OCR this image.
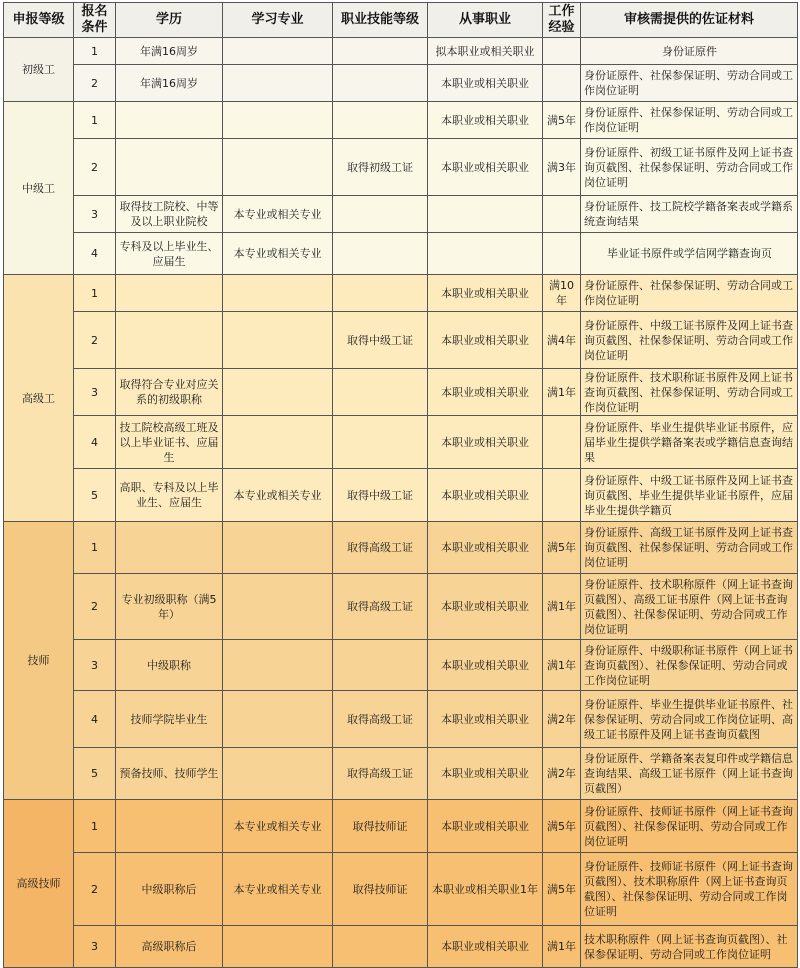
申报等级	报名条件	学历	学习专业	职业技能等级	从事职业	工作经验	审核需提供的佐证材料
初级工	1	年满16周岁			拟本职业或相关职业		身份证原件
	2	年满16周岁			本职业或相关职业		身份证原件、社保参保证明、劳动合同或工作岗位证明
中级工	1				本职业或相关职业	满5年	身份证原件、社保参保证明、劳动合同或工作岗位证明
	2			取得初级工证	本职业或相关职业	满3年	身份证原件、初级工证书原件及网上证书查询页截图、社保参保证明、劳动合同或工作岗位证明
	3	取得技工院校、中等及以上职业院校	本专业或相关专业				身份证原件、技工院校学籍备案表或学籍系统查询结果
	4	专科及以上毕业生、应届生	本专业或相关专业				毕业证书原件或学信网学籍查询页
高级工	1				本职业或相关职业	满10年	身份证原件、社保参保证明、劳动合同或工作岗位证明
	2			取得中级工证	本职业或相关职业	满4年	身份证原件、中级工证书原件及网上证书查询页截图、社保参保证明、劳动合同或工作岗位证明
	3	取得符合专业对应关系的初级职称			本职业或相关职业	满1年	身份证原件、技术职称证书原件及网上证书查询页截图、社保参保证明、劳动合同或工作岗位证明
	4	技工院校高级工班及以上毕业证书、应届生			本职业或相关职业		身份证原件、毕业生提供毕业证书原件，应届毕业生提供学籍备案表或学籍信息查询结果
	5	高职、专科及以上毕业生、应届生	本专业或相关专业	取得中级工证	本职业或相关职业		身份证原件、中级工证书原件及网上证书查询页截图、毕业生提供毕业证书原件，应届毕业生提供学籍页
技师	1			取得高级工证	本职业或相关职业	满5年	身份证原件、高级工证书原件及网上证书查询页截图、社保参保证明、劳动合同或工作岗位证明
	2	专业初级职称（满5年）		取得高级工证	本职业或相关职业	满1年	身份证原件、技术职称原件（网上证书查询页截图）、高级工证书原件（网上证书查询页截图）、社保参保证明、劳动合同或工作岗位证明
	3	中级职称			本职业或相关职业	满1年	身份证原件、中级职称证书原件（网上证书查询页截图）、社保参保证明、劳动合同或工作岗位证明
	4	技师学院毕业生		取得高级工证	本职业或相关职业	满2年	身份证原件、毕业生提供毕业证书原件、社保参保证明、劳动合同或工作岗位证明、高级工证书原件及网上证书查询页截图
	5	预备技师、技师学生		取得高级工证	本职业或相关职业	满2年	身份证原件、学籍备案表复印件或学籍信息查询结果、高级工证书原件（网上证书查询页截图）
高级技师	1		本专业或相关专业	取得技师证	本职业或相关职业	满5年	身份证原件、技师证书原件（网上证书查询页截图）、社保参保证明、劳动合同或工作岗位证明
	2	中级职称后	本专业或相关专业	取得技师证	本职业或相关职业1年	满5年	身份证原件、技师证书原件（网上证书查询页截图）、技术职称原件（网上证书查询页截图）、社保参保证明、劳动合同或工作岗位证明
	3	高级职称后			本职业或相关职业	满1年	技术职称原件（网上证书查询页截图）、社保参保证明、劳动合同或工作岗位证明
